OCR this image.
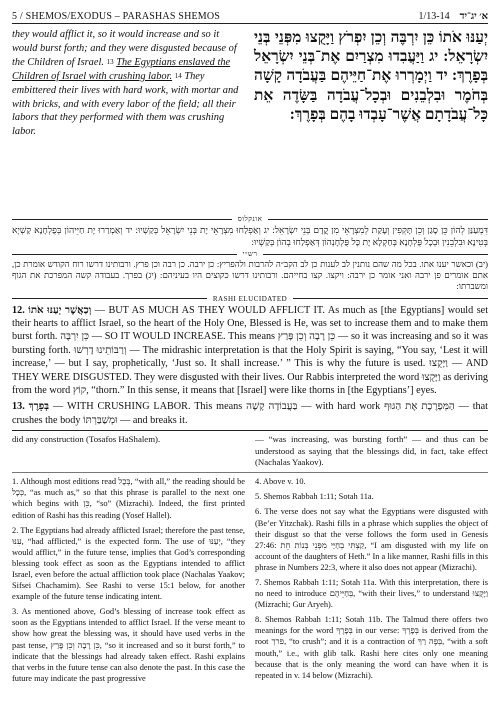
5 / SHEMOS/EXODUS – PARASHAS SHEMOS	א׳ יג־יד
1/13-14
they would afflict it, so it would increase and so it would burst forth; and they were disgusted because of the Children of Israel. $^{13}$ The Egyptians enslaved the Children of Israel with crushing labor. $^{14}$ They embittered their lives with hard work, with mortar and with bricks, and with every labor of the field; all their labors that they performed with them was crushing labor.
יְעַנּוּ אֹתוֹ כֵּן יִרְבֶּה וְכֵן יִפְרֹץ וַיָּקֻצוּ מִפְּנֵי בְּנֵי יִשְׂרָאֵל: יג וַיַּעֲבִדוּ מִצְרַיִם אֶת־בְּנֵי יִשְׂרָאֵל בְּפָרֶךְ: יד וַיְמָרְרוּ אֶת־חַיֵּיהֶם בַּעֲבֹדָה קָשָׁה בְּחֹמֶר וּבִלְבֵנִים וּבְכָל־עֲבֹדָה בַּשָּׂדֶה אֵת כָּל־עֲבֹדָתָם אֲשֶׁר־עָבְדוּ בָהֶם בְּפָרֶךְ:
אונקלוס
דִּמְעַנַּן לְהוֹן כֵּן סָגַן וְכֵן תָּקְפִין וְעָקַת לְמִצְרָאֵי מִן קֳדָם בְּנֵי יִשְׂרָאֵל: יג וְאַפְלַחוּ מִצְרָאֵי יָת בְּנֵי יִשְׂרָאֵל בְּקַשְׁיוּ: יד וְאַמְרַרוּ יָת חַיֵּיהוֹן בְּפֻלְחָנָא קַשְׁיָא בְּטִינָא וּבִלְבֵנִין וּבְכָל פֻּלְחָנָא בְּחַקְלָא יָת כָּל פֻּלְחָנְהוֹן דְּאַפְלַחוּ בְהוֹן בְּקַשְׁיוּ:
רש״י
(יב) וכאשר יענו אתו. בכל מה שהם נותנין לב לענות כן לב הקב״ה להרבות ולהפריץ: כן ירבה. כן רבה וכן פרץ. ורבותינו דרשו רוח הקודש אומרת כן, אתם אומרים פן ירבה ואני אומר כן ירבה: ויקצו. קצו בחייהם. ורבותינו דרשו כקוצים היו בעיניהם: (יג) בפרך. בעבודה קשה המפרכת את הגוף ומשברתו:
RASHI ELUCIDATED

12. וְכַאֲשֶׁר יְעַנּוּ אֹתוֹ — BUT AS MUCH AS THEY WOULD AFFLICT IT. As much as [the Egyptians] would set their hearts to afflict Israel, so the heart of the Holy One, Blessed is He, was set to increase them and to make them burst forth. כֵּן יִרְבֶּה — SO IT WOULD INCREASE. This means כֵּן רָבָה וְכֵן פָּרַץ — so it was increasing and so it was bursting forth. וְרַבּוֹתֵינוּ דָרְשׁוּ — The midrashic interpretation is that the Holy Spirit is saying, “You say, ‘Lest it will increase,’ — but I say, prophetically, ‘Just so. It shall increase.’ ” This is why the future is used. וַיָּקֻצוּ — AND THEY WERE DISGUSTED. They were disgusted with their lives. Our Rabbis interpreted the word וַיָּקֻצוּ as deriving from the word קוֹץ, “thorn.” In this sense, it means that [Israel] were like thorns in [the Egyptians’] eyes.

13. בְּפָרֶךְ — WITH CRUSHING LABOR. This means בַּעֲבוֹדָה קָשָׁה — with hard work הַמְּפָרֶכֶת אֶת הַגּוּף — that crushes the body וּמְשַׁבַּרְתּוֹ — and breaks it.

did any construction (Tosafos HaShalem).	— “was increasing, was bursting forth” — and thus can be understood as saying that the blessings did, in fact, take effect (Nachalas Yaakov).

1. Although most editions read בְּכָל, “with all,” the reading should be כְּכָל, “as much as,” so that this phrase is parallel to the next one which begins with כֵּן, “so” (Mizrachi). Indeed, the first printed edition of Rashi has this reading (Yosef Hallel).

2. The Egyptians had already afflicted Israel; therefore the past tense, עִנּוּ, “had afflicted,” is the expected form. The use of יְעַנּוּ, “they would afflict,” in the future tense, implies that God’s corresponding blessing took effect as soon as the Egyptians intended to afflict Israel, even before the actual affliction took place (Nachalas Yaakov; Sifsei Chachamim). See Rashi to verse 15:1 below, for another example of the future tense indicating intent.

3. As mentioned above, God’s blessing of increase took effect as soon as the Egyptians intended to afflict Israel. If the verse meant to show how great the blessing was, it should have used verbs in the past tense, כֵּן רָבָה וְכֵן פָּרַץ, “so it increased and so it burst forth,” to indicate that the blessings had already taken effect. Rashi explains that verbs in the future tense can also denote the past. In this case the future may indicate the past progressive

4. Above v. 10.

5. Shemos Rabbah 1:11; Sotah 11a.

6. The verse does not say what the Egyptians were disgusted with (Be’er Yitzchak). Rashi fills in a phrase which supplies the object of their disgust so that the verse follows the form used in Genesis 27:46: קַצְתִּי בְחַיַּי מִפְּנֵי בְּנוֹת חֵת, “I am disgusted with my life on account of the daughters of Heth.” In a like manner, Rashi fills in this phrase in Numbers 22:3, where it also does not appear (Mizrachi).

7. Shemos Rabbah 1:11; Sotah 11a. With this interpretation, there is no need to introduce בְּחַיֵּיהֶם, “with their lives,” to understand וַיָּקֻצוּ (Mizrachi; Gur Aryeh).

8. Shemos Rabbah 1:11; Sotah 11b. The Talmud there offers two meanings for the word בְּפָרֶךְ in our verse: בְּפָרֶךְ is derived from the root פרך, “to crush”; and it is a contraction of בְּפֶה רַךְ, “with a soft mouth,” i.e., with glib talk. Rashi here cites only one meaning because that is the only meaning the word can have when it is repeated in v. 14 below (Mizrachi).
